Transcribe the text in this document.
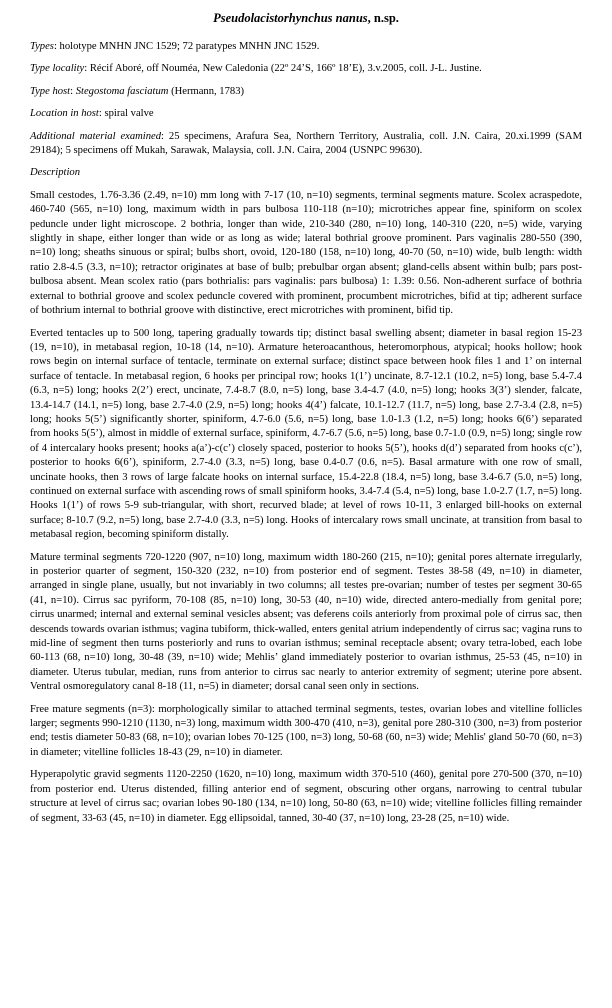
Pseudolacistorhynchus nanus, n.sp.

Types: holotype MNHN JNC 1529; 72 paratypes MNHN JNC 1529.

Type locality: Récif Aboré, off Nouméa, New Caledonia (22º 24’S, 166º 18’E), 3.v.2005, coll. J-L. Justine.

Type host: Stegostoma fasciatum (Hermann, 1783)

Location in host: spiral valve

Additional material examined: 25 specimens, Arafura Sea, Northern Territory, Australia, coll. J.N. Caira, 20.xi.1999 (SAM 29184); 5 specimens off Mukah, Sarawak, Malaysia, coll. J.N. Caira, 2004 (USNPC 99630).

Description

Small cestodes, 1.76-3.36 (2.49, n=10) mm long with 7-17 (10, n=10) segments, terminal segments mature. Scolex acraspedote, 460-740 (565, n=10) long, maximum width in pars bulbosa 110-118 (n=10); microtriches appear fine, spiniform on scolex peduncle under light microscope. 2 bothria, longer than wide, 210-340 (280, n=10) long, 140-310 (220, n=5) wide, varying slightly in shape, either longer than wide or as long as wide; lateral bothrial groove prominent. Pars vaginalis 280-550 (390, n=10) long; sheaths sinuous or spiral; bulbs short, ovoid, 120-180 (158, n=10) long, 40-70 (50, n=10) wide, bulb length: width ratio 2.8-4.5 (3.3, n=10); retractor originates at base of bulb; prebulbar organ absent; gland-cells absent within bulb; pars post-bulbosa absent. Mean scolex ratio (pars bothrialis: pars vaginalis: pars bulbosa) 1: 1.39: 0.56. Non-adherent surface of bothria external to bothrial groove and scolex peduncle covered with prominent, procumbent microtriches, bifid at tip; adherent surface of bothrium internal to bothrial groove with distinctive, erect microtriches with prominent, bifid tip.

Everted tentacles up to 500 long, tapering gradually towards tip; distinct basal swelling absent; diameter in basal region 15-23 (19, n=10), in metabasal region, 10-18 (14, n=10). Armature heteroacanthous, heteromorphous, atypical; hooks hollow; hook rows begin on internal surface of tentacle, terminate on external surface; distinct space between hook files 1 and 1’ on internal surface of tentacle. In metabasal region, 6 hooks per principal row; hooks 1(1’) uncinate, 8.7-12.1 (10.2, n=5) long, base 5.4-7.4 (6.3, n=5) long; hooks 2(2’) erect, uncinate, 7.4-8.7 (8.0, n=5) long, base 3.4-4.7 (4.0, n=5) long; hooks 3(3’) slender, falcate, 13.4-14.7 (14.1, n=5) long, base 2.7-4.0 (2.9, n=5) long; hooks 4(4’) falcate, 10.1-12.7 (11.7, n=5) long, base 2.7-3.4 (2.8, n=5) long; hooks 5(5’) significantly shorter, spiniform, 4.7-6.0 (5.6, n=5) long, base 1.0-1.3 (1.2, n=5) long; hooks 6(6’) separated from hooks 5(5’), almost in middle of external surface, spiniform, 4.7-6.7 (5.6, n=5) long, base 0.7-1.0 (0.9, n=5) long; single row of 4 intercalary hooks present; hooks a(a’)-c(c’) closely spaced, posterior to hooks 5(5’), hooks d(d’) separated from hooks c(c’), posterior to hooks 6(6’), spiniform, 2.7-4.0 (3.3, n=5) long, base 0.4-0.7 (0.6, n=5). Basal armature with one row of small, uncinate hooks, then 3 rows of large falcate hooks on internal surface, 15.4-22.8 (18.4, n=5) long, base 3.4-6.7 (5.0, n=5) long, continued on external surface with ascending rows of small spiniform hooks, 3.4-7.4 (5.4, n=5) long, base 1.0-2.7 (1.7, n=5) long. Hooks 1(1’) of rows 5-9 sub-triangular, with short, recurved blade; at level of rows 10-11, 3 enlarged bill-hooks on external surface; 8-10.7 (9.2, n=5) long, base 2.7-4.0 (3.3, n=5) long. Hooks of intercalary rows small uncinate, at transition from basal to metabasal region, becoming spiniform distally.

Mature terminal segments 720-1220 (907, n=10) long, maximum width 180-260 (215, n=10); genital pores alternate irregularly, in posterior quarter of segment, 150-320 (232, n=10) from posterior end of segment. Testes 38-58 (49, n=10) in diameter, arranged in single plane, usually, but not invariably in two columns; all testes pre-ovarian; number of testes per segment 30-65 (41, n=10). Cirrus sac pyriform, 70-108 (85, n=10) long, 30-53 (40, n=10) wide, directed antero-medially from genital pore; cirrus unarmed; internal and external seminal vesicles absent; vas deferens coils anteriorly from proximal pole of cirrus sac, then descends towards ovarian isthmus; vagina tubiform, thick-walled, enters genital atrium independently of cirrus sac; vagina runs to mid-line of segment then turns posteriorly and runs to ovarian isthmus; seminal receptacle absent; ovary tetra-lobed, each lobe 60-113 (68, n=10) long, 30-48 (39, n=10) wide; Mehlis’ gland immediately posterior to ovarian isthmus, 25-53 (45, n=10) in diameter. Uterus tubular, median, runs from anterior to cirrus sac nearly to anterior extremity of segment; uterine pore absent. Ventral osmoregulatory canal 8-18 (11, n=5) in diameter; dorsal canal seen only in sections.

Free mature segments (n=3): morphologically similar to attached terminal segments, testes, ovarian lobes and vitelline follicles larger; segments 990-1210 (1130, n=3) long, maximum width 300-470 (410, n=3), genital pore 280-310 (300, n=3) from posterior end; testis diameter 50-83 (68, n=10); ovarian lobes 70-125 (100, n=3) long, 50-68 (60, n=3) wide; Mehlis' gland 50-70 (60, n=3) in diameter; vitelline follicles 18-43 (29, n=10) in diameter.

Hyperapolytic gravid segments 1120-2250 (1620, n=10) long, maximum width 370-510 (460), genital pore 270-500 (370, n=10) from posterior end. Uterus distended, filling anterior end of segment, obscuring other organs, narrowing to central tubular structure at level of cirrus sac; ovarian lobes 90-180 (134, n=10) long, 50-80 (63, n=10) wide; vitelline follicles filling remainder of segment, 33-63 (45, n=10) in diameter. Egg ellipsoidal, tanned, 30-40 (37, n=10) long, 23-28 (25, n=10) wide.
